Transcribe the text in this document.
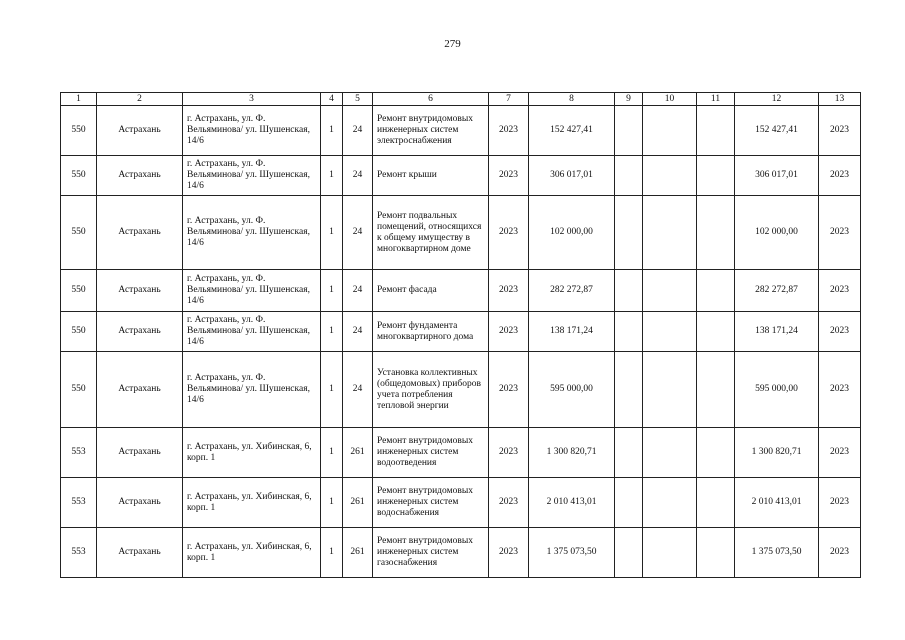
279
1	2	3	4	5	6	7	8	9	10	11	12	13
550	Астрахань	г. Астрахань, ул. Ф. Вельяминова/ ул. Шушенская, 14/6	1	24	Ремонт внутридомовых инженерных систем электроснабжения	2023	152 427,41				152 427,41	2023
550	Астрахань	г. Астрахань, ул. Ф. Вельяминова/ ул. Шушенская, 14/6	1	24	Ремонт крыши	2023	306 017,01				306 017,01	2023
550	Астрахань	г. Астрахань, ул. Ф. Вельяминова/ ул. Шушенская, 14/6	1	24	Ремонт подвальных помещений, относящихся к общему имуществу в многоквартирном доме	2023	102 000,00				102 000,00	2023
550	Астрахань	г. Астрахань, ул. Ф. Вельяминова/ ул. Шушенская, 14/6	1	24	Ремонт фасада	2023	282 272,87				282 272,87	2023
550	Астрахань	г. Астрахань, ул. Ф. Вельяминова/ ул. Шушенская, 14/6	1	24	Ремонт фундамента многоквартирного дома	2023	138 171,24				138 171,24	2023
550	Астрахань	г. Астрахань, ул. Ф. Вельяминова/ ул. Шушенская, 14/6	1	24	Установка коллективных (общедомовых) приборов учета потребления тепловой энергии	2023	595 000,00				595 000,00	2023
553	Астрахань	г. Астрахань, ул. Хибинская, 6, корп. 1	1	261	Ремонт внутридомовых инженерных систем водоотведения	2023	1 300 820,71				1 300 820,71	2023
553	Астрахань	г. Астрахань, ул. Хибинская, 6, корп. 1	1	261	Ремонт внутридомовых инженерных систем водоснабжения	2023	2 010 413,01				2 010 413,01	2023
553	Астрахань	г. Астрахань, ул. Хибинская, 6, корп. 1	1	261	Ремонт внутридомовых инженерных систем газоснабжения	2023	1 375 073,50				1 375 073,50	2023
